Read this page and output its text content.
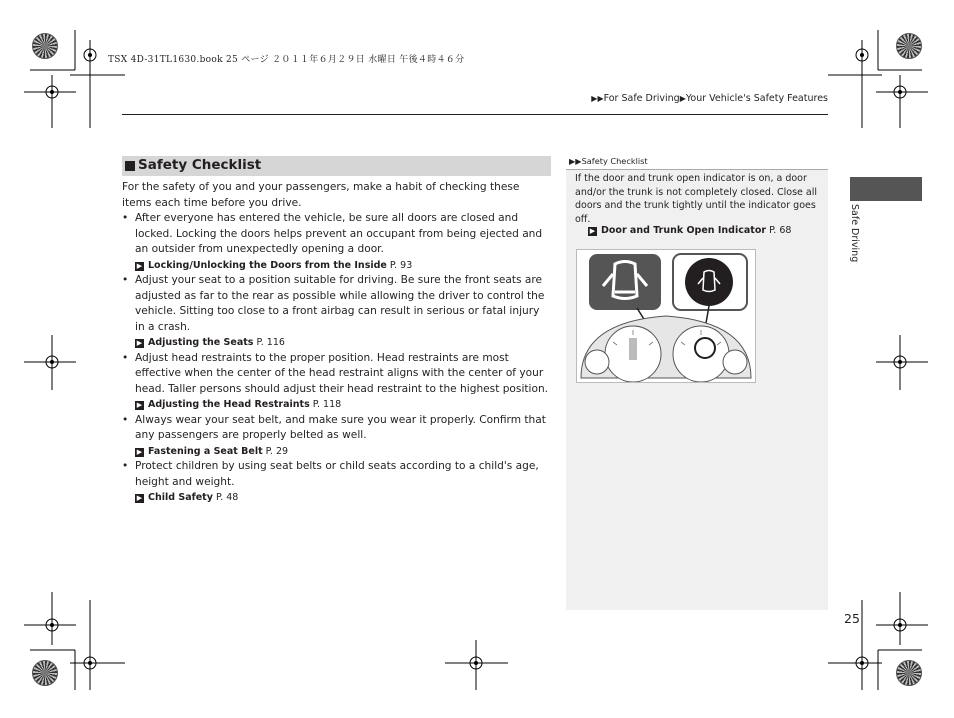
TSX 4D-31TL1630.book 25 ページ ２０１１年６月２９日 水曜日 午後４時４６分
▶▶For Safe Driving▶Your Vehicle's Safety Features
Safety Checklist

For the safety of you and your passengers, make a habit of checking these items each time before you drive.

• After everyone has entered the vehicle, be sure all doors are closed and locked. Locking the doors helps prevent an occupant from being ejected and an outsider from unexpectedly opening a door.
▶ Locking/Unlocking the Doors from the Inside P. 93
• Adjust your seat to a position suitable for driving. Be sure the front seats are adjusted as far to the rear as possible while allowing the driver to control the vehicle. Sitting too close to a front airbag can result in serious or fatal injury in a crash.
▶ Adjusting the Seats P. 116
• Adjust head restraints to the proper position. Head restraints are most effective when the center of the head restraint aligns with the center of your head. Taller persons should adjust their head restraint to the highest position.
▶ Adjusting the Head Restraints P. 118
• Always wear your seat belt, and make sure you wear it properly. Confirm that any passengers are properly belted as well.
▶ Fastening a Seat Belt P. 29
• Protect children by using seat belts or child seats according to a child's age, height and weight.
▶ Child Safety P. 48
▶▶Safety Checklist
If the door and trunk open indicator is on, a door and/or the trunk is not completely closed. Close all doors and the trunk tightly until the indicator goes off.
▶ Door and Trunk Open Indicator P. 68	Safe Driving
25
